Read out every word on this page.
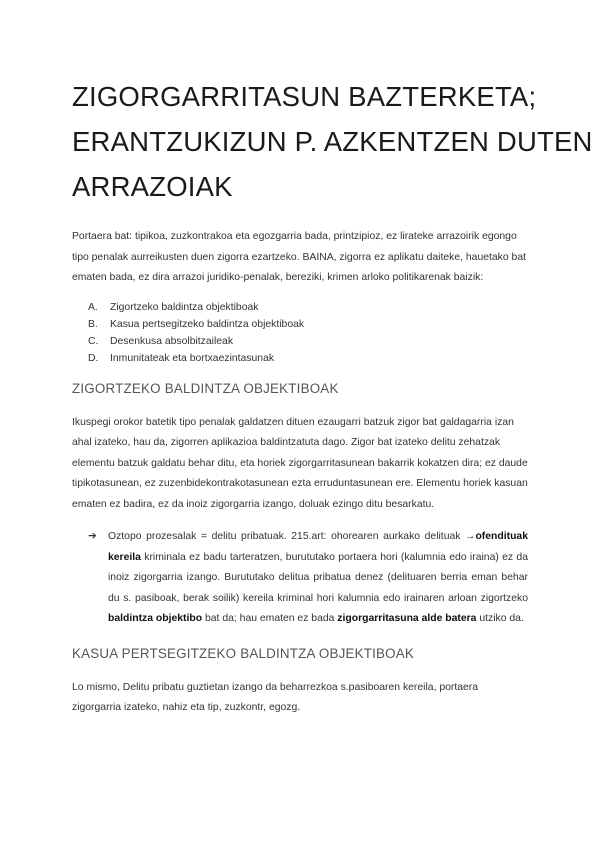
ZIGORGARRITASUN BAZTERKETA;
ERANTZUKIZUN P. AZKENTZEN DUTEN
ARRAZOIAK

Portaera bat: tipikoa, zuzkontrakoa eta egozgarria bada, printzipioz, ez lirateke arrazoirik egongo tipo penalak aurreikusten duen zigorra ezartzeko. BAINA, zigorra ez aplikatu daiteke, hauetako bat ematen bada, ez dira arrazoi juridiko-penalak, bereziki, krimen arloko politikarenak baizik:

A.	Zigortzeko baldintza objektiboak
B.	Kasua pertsegitzeko baldintza objektiboak
C.	Desenkusa absolbitzaileak
D.	Inmunitateak eta bortxaezintasunak
ZIGORTZEKO BALDINTZA OBJEKTIBOAK

Ikuspegi orokor batetik tipo penalak galdatzen dituen ezaugarri batzuk zigor bat galdagarria izan ahal izateko, hau da, zigorren aplikazioa baldintzatuta dago. Zigor bat izateko delitu zehatzak elementu batzuk galdatu behar ditu, eta horiek zigorgarritasunean bakarrik kokatzen dira; ez daude tipikotasunean, ez zuzenbidekontrakotasunean ezta erruduntasunean ere. Elementu horiek kasuan ematen ez badira, ez da inoiz zigorgarria izango, doluak ezingo ditu besarkatu.

➔	Oztopo prozesalak = delitu pribatuak. 215.art: ohorearen aurkako delituak →ofendituak kereila kriminala ez badu tarteratzen, burututako portaera hori (kalumnia edo iraina) ez da inoiz zigorgarria izango. Burututako delitua pribatua denez (delituaren berria eman behar du s. pasiboak, berak soilik) kereila kriminal hori kalumnia edo irainaren arloan zigortzeko baldintza objektibo bat da; hau ematen ez bada zigorgarritasuna alde batera utziko da.

KASUA PERTSEGITZEKO BALDINTZA OBJEKTIBOAK

Lo mismo, Delitu pribatu guztietan izango da beharrezkoa s.pasiboaren kereila, portaera zigorgarria izateko, nahiz eta tip, zuzkontr, egozg.
